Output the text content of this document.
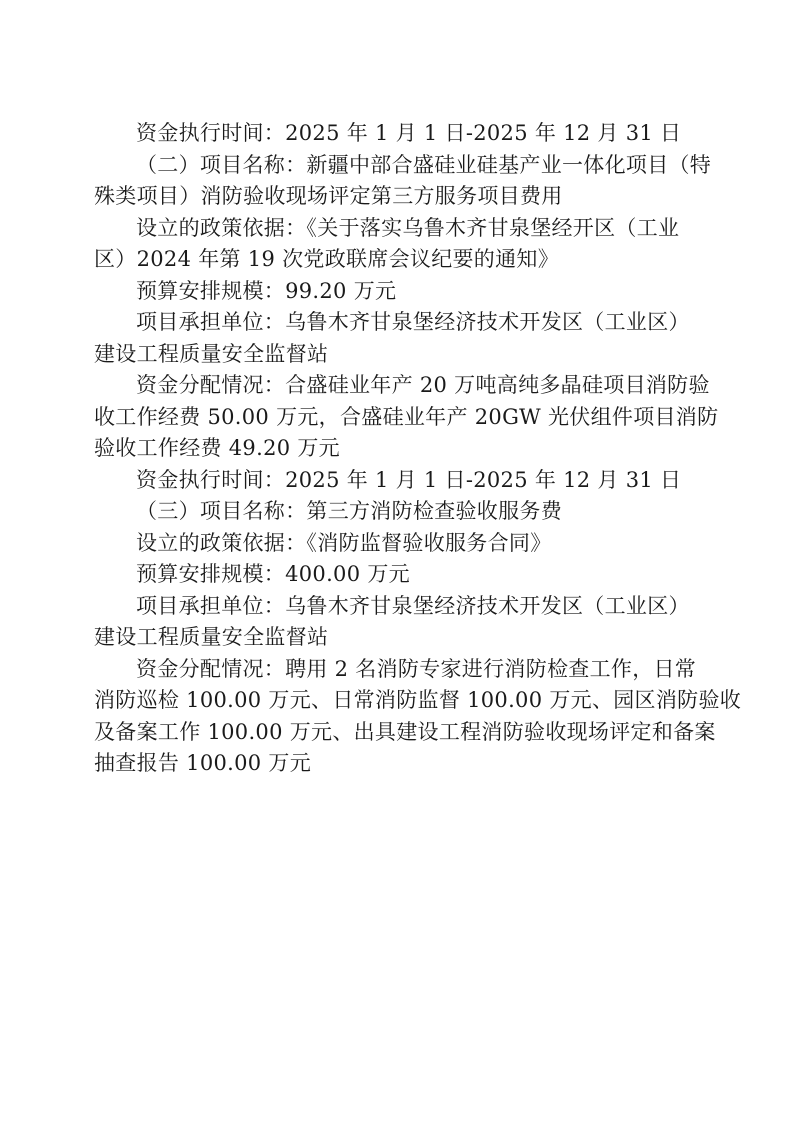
资金执行时间：2025 年 1 月 1 日-2025 年 12 月 31 日

（二）项目名称：新疆中部合盛硅业硅基产业一体化项目（特

殊类项目）消防验收现场评定第三方服务项目费用

设立的政策依据：《关于落实乌鲁木齐甘泉堡经开区（工业

区）2024 年第 19 次党政联席会议纪要的通知》

预算安排规模：99.20 万元

项目承担单位：乌鲁木齐甘泉堡经济技术开发区（工业区）

建设工程质量安全监督站

资金分配情况：合盛硅业年产 20 万吨高纯多晶硅项目消防验

收工作经费 50.00 万元，合盛硅业年产 20GW 光伏组件项目消防

验收工作经费 49.20 万元

资金执行时间：2025 年 1 月 1 日-2025 年 12 月 31 日

（三）项目名称：第三方消防检查验收服务费

设立的政策依据：《消防监督验收服务合同》

预算安排规模：400.00 万元

项目承担单位：乌鲁木齐甘泉堡经济技术开发区（工业区）

建设工程质量安全监督站

资金分配情况：聘用 2 名消防专家进行消防检查工作，日常

消防巡检 100.00 万元、日常消防监督 100.00 万元、园区消防验收

及备案工作 100.00 万元、出具建设工程消防验收现场评定和备案

抽查报告 100.00 万元
